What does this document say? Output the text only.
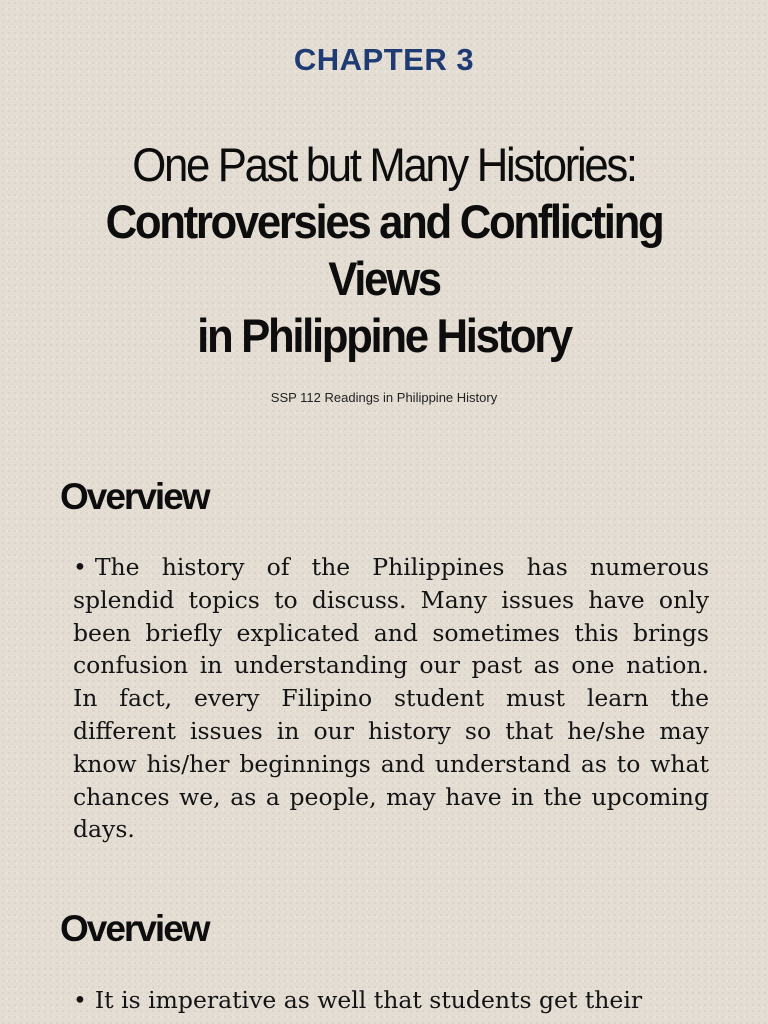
CHAPTER 3
One Past but Many Histories:
Controversies and Conflicting Views
in Philippine History
SSP 112 Readings in Philippine History
Overview

• The history of the Philippines has numerous splendid topics to discuss. Many issues have only been briefly explicated and sometimes this brings confusion in understanding our past as one nation. In fact, every Filipino student must learn the different issues in our history so that he/she may know his/her beginnings and understand as to what chances we, as a people, may have in the upcoming days.

Overview

• It is imperative as well that students get their
